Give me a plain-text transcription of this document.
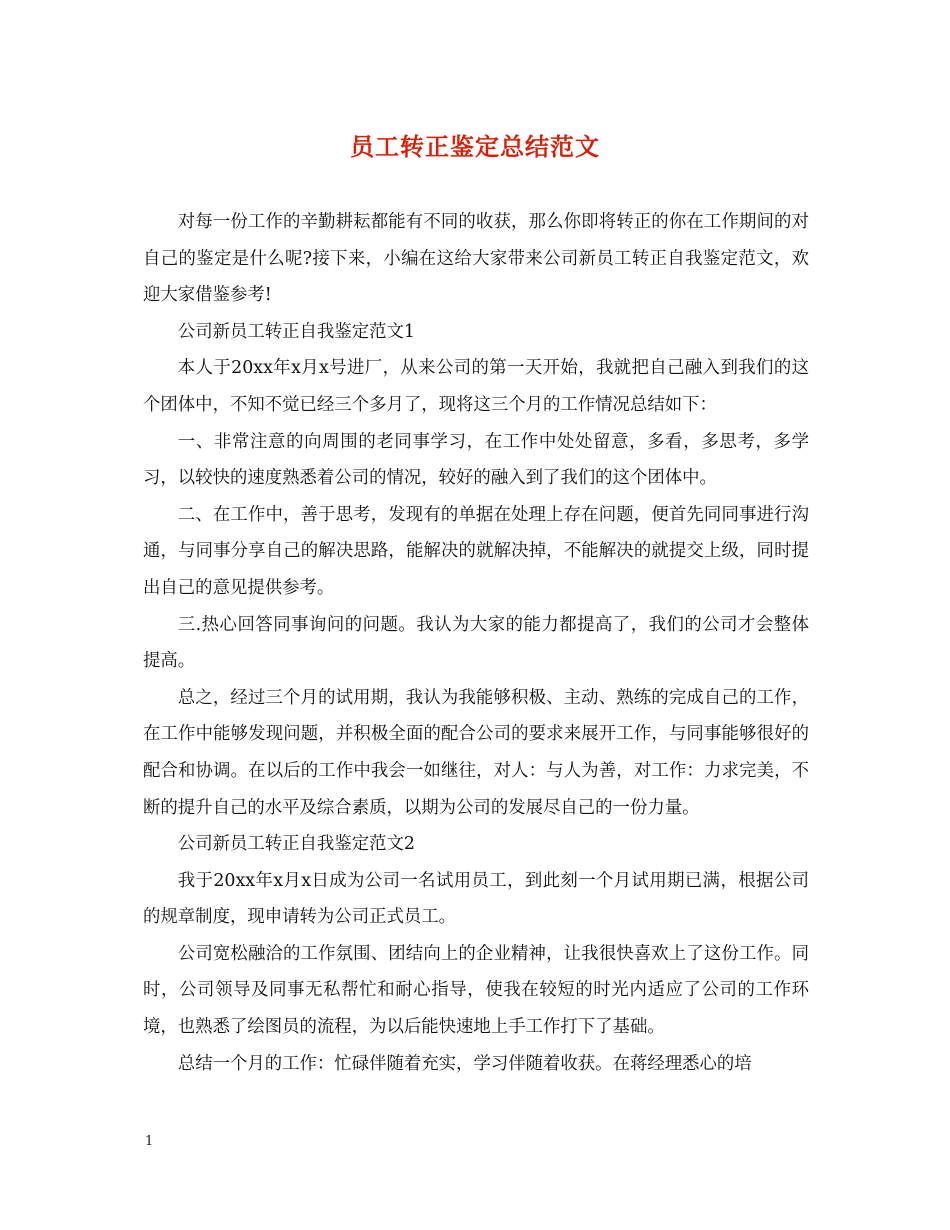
员工转正鉴定总结范文

对每一份工作的辛勤耕耘都能有不同的收获，那么你即将转正的你在工作期间的对自己的鉴定是什么呢?接下来，小编在这给大家带来公司新员工转正自我鉴定范文，欢迎大家借鉴参考!

公司新员工转正自我鉴定范文1

本人于20xx年x月x号进厂，从来公司的第一天开始，我就把自己融入到我们的这个团体中，不知不觉已经三个多月了，现将这三个月的工作情况总结如下：

一、非常注意的向周围的老同事学习，在工作中处处留意，多看，多思考，多学习，以较快的速度熟悉着公司的情况，较好的融入到了我们的这个团体中。

二、在工作中，善于思考，发现有的单据在处理上存在问题，便首先同同事进行沟通，与同事分享自己的解决思路，能解决的就解决掉，不能解决的就提交上级，同时提出自己的意见提供参考。

三.热心回答同事询问的问题。我认为大家的能力都提高了，我们的公司才会整体提高。

总之，经过三个月的试用期，我认为我能够积极、主动、熟练的完成自己的工作，在工作中能够发现问题，并积极全面的配合公司的要求来展开工作，与同事能够很好的配合和协调。在以后的工作中我会一如继往，对人：与人为善，对工作：力求完美，不断的提升自己的水平及综合素质，以期为公司的发展尽自己的一份力量。

公司新员工转正自我鉴定范文2

我于20xx年x月x日成为公司一名试用员工，到此刻一个月试用期已满，根据公司的规章制度，现申请转为公司正式员工。

公司宽松融洽的工作氛围、团结向上的企业精神，让我很快喜欢上了这份工作。同时，公司领导及同事无私帮忙和耐心指导，使我在较短的时光内适应了公司的工作环境，也熟悉了绘图员的流程，为以后能快速地上手工作打下了基础。

总结一个月的工作：忙碌伴随着充实，学习伴随着收获。在蒋经理悉心的培

1
